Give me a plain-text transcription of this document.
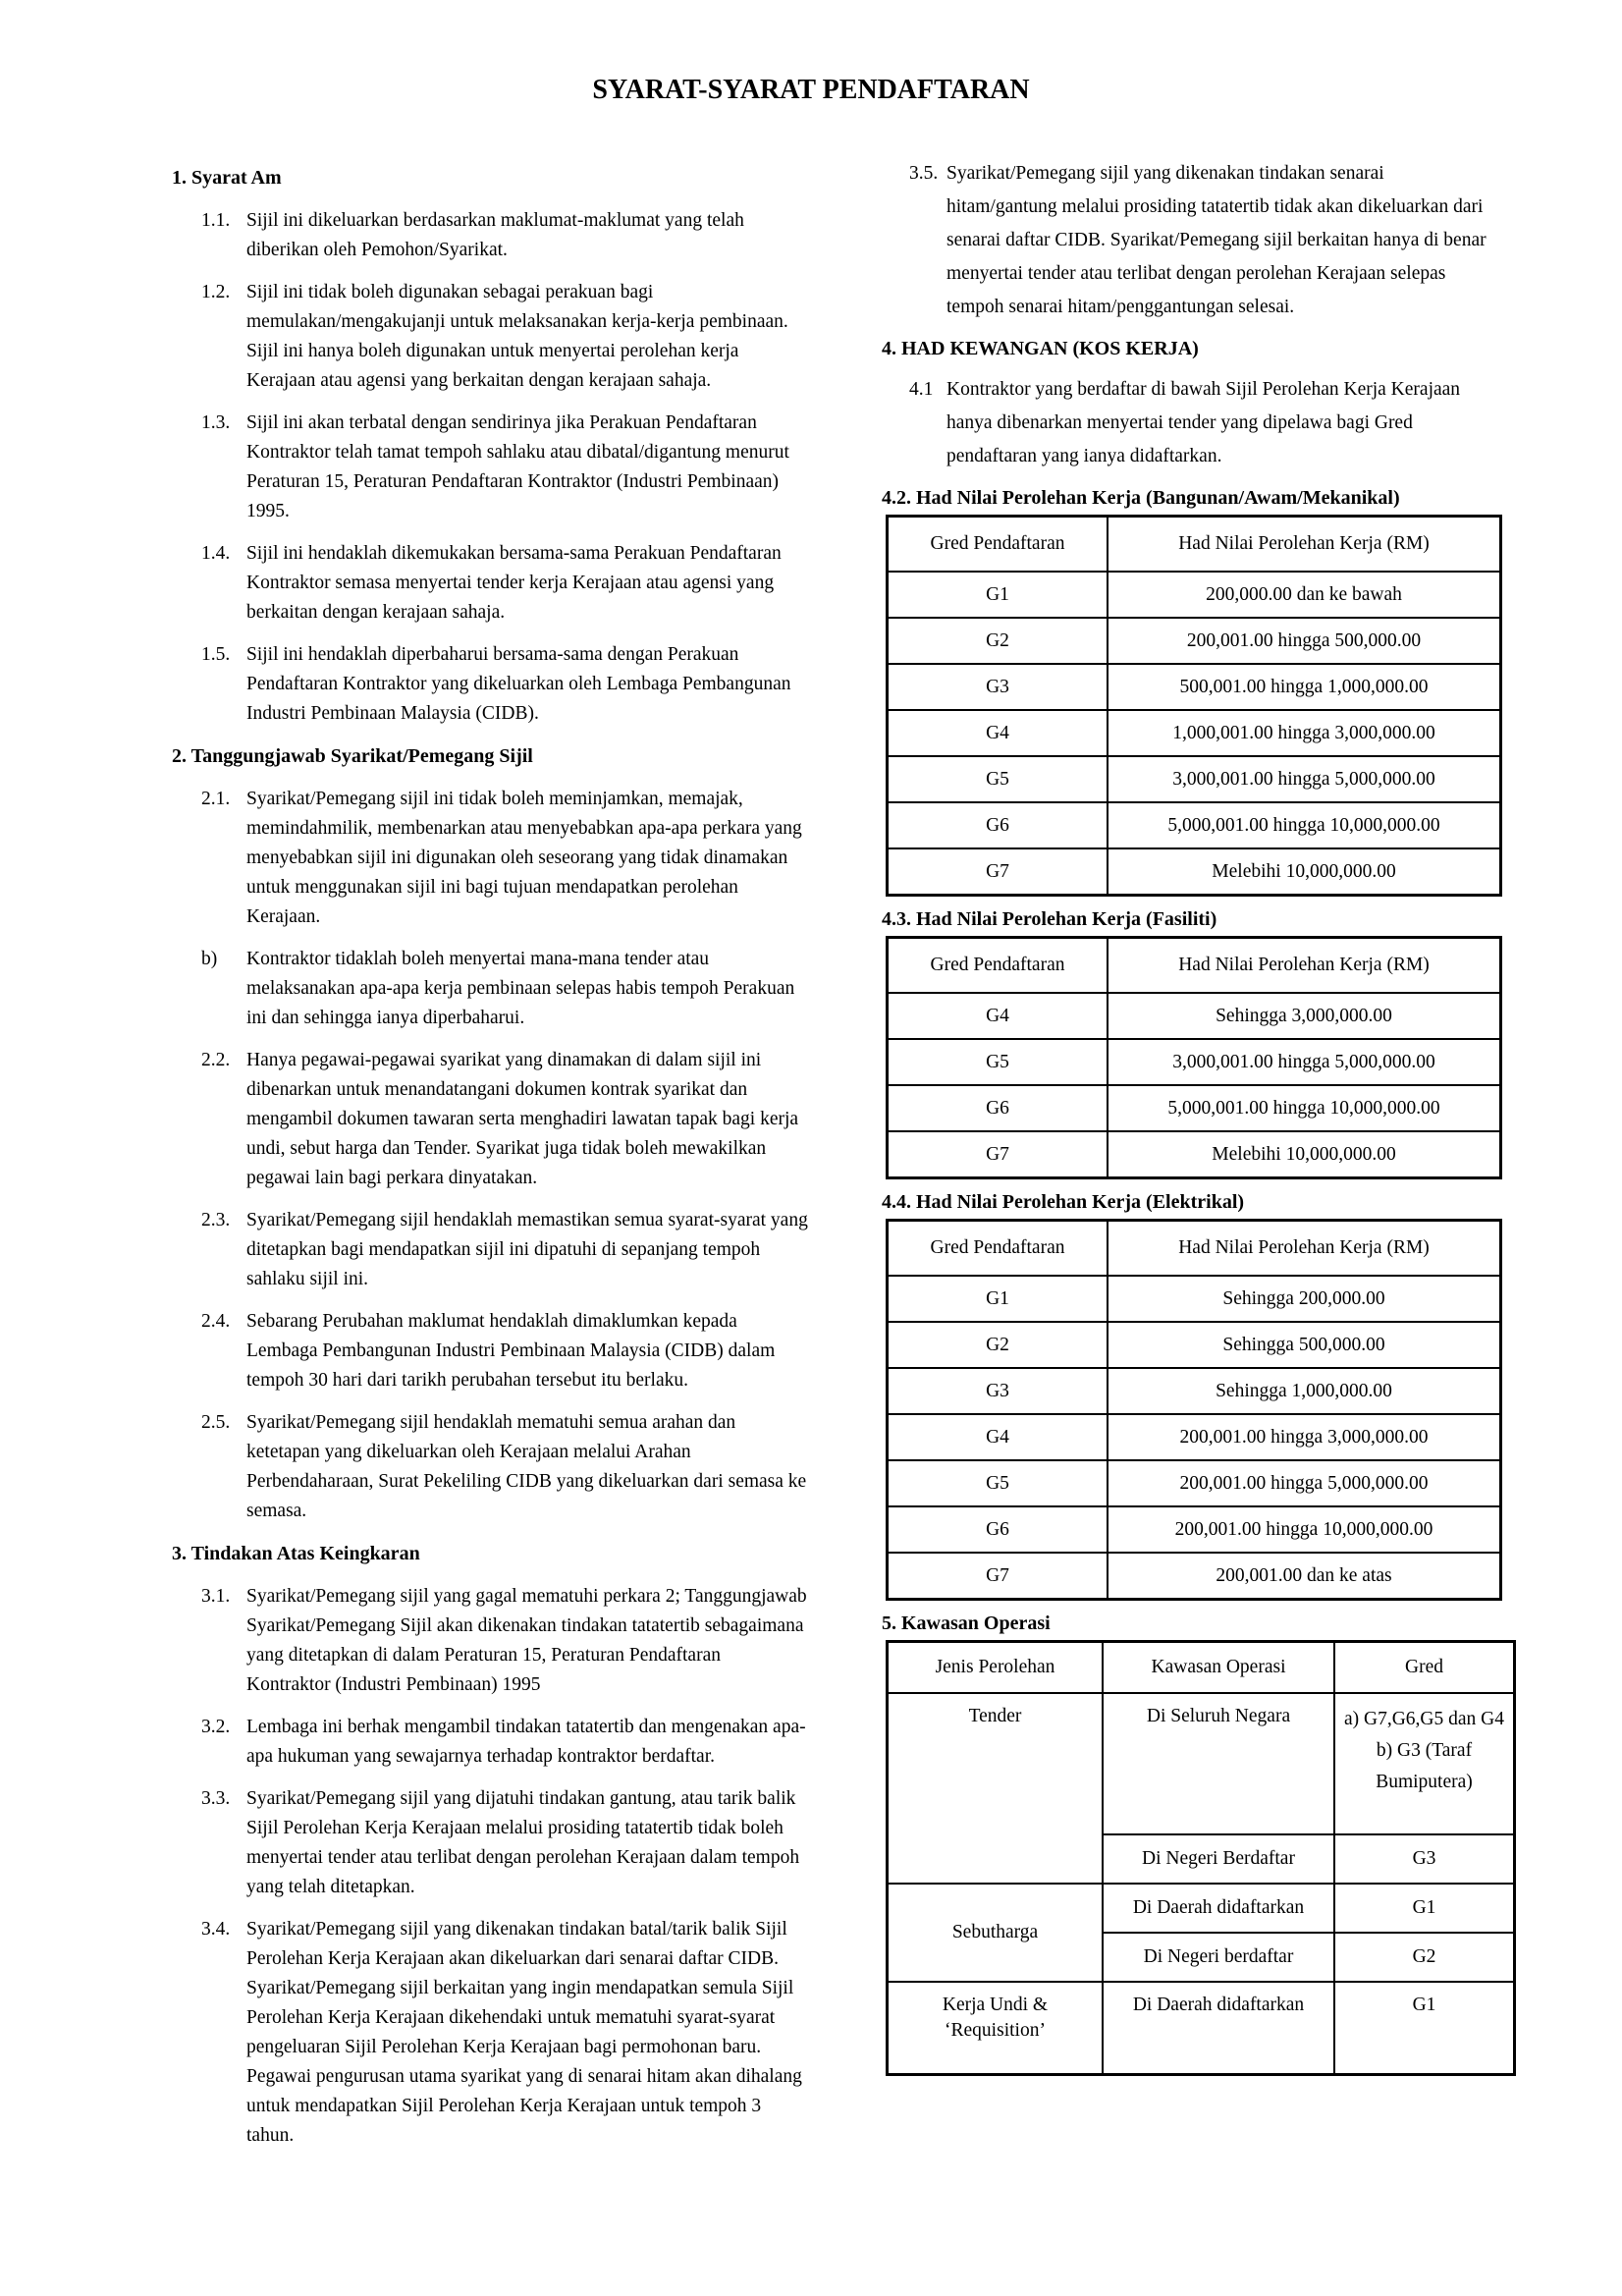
SYARAT-SYARAT PENDAFTARAN
1. Syarat Am
1.1. Sijil ini dikeluarkan berdasarkan maklumat-maklumat yang telah diberikan oleh Pemohon/Syarikat.
1.2. Sijil ini tidak boleh digunakan sebagai perakuan bagi memulakan/mengakujanji untuk melaksanakan kerja-kerja pembinaan. Sijil ini hanya boleh digunakan untuk menyertai perolehan kerja Kerajaan atau agensi yang berkaitan dengan kerajaan sahaja.
1.3. Sijil ini akan terbatal dengan sendirinya jika Perakuan Pendaftaran Kontraktor telah tamat tempoh sahlaku atau dibatal/digantung menurut Peraturan 15, Peraturan Pendaftaran Kontraktor (Industri Pembinaan) 1995.
1.4. Sijil ini hendaklah dikemukakan bersama-sama Perakuan Pendaftaran Kontraktor semasa menyertai tender kerja Kerajaan atau agensi yang berkaitan dengan kerajaan sahaja.
1.5. Sijil ini hendaklah diperbaharui bersama-sama dengan Perakuan Pendaftaran Kontraktor yang dikeluarkan oleh Lembaga Pembangunan Industri Pembinaan Malaysia (CIDB).
2. Tanggungjawab Syarikat/Pemegang Sijil
2.1. Syarikat/Pemegang sijil ini tidak boleh meminjamkan, memajak, memindahmilik, membenarkan atau menyebabkan apa-apa perkara yang menyebabkan sijil ini digunakan oleh seseorang yang tidak dinamakan untuk menggunakan sijil ini bagi tujuan mendapatkan perolehan Kerajaan.
b)	Kontraktor tidaklah boleh menyertai mana-mana tender atau melaksanakan apa-apa kerja pembinaan selepas habis tempoh Perakuan ini dan sehingga ianya diperbaharui.
2.2. Hanya pegawai-pegawai syarikat yang dinamakan di dalam sijil ini dibenarkan untuk menandatangani dokumen kontrak syarikat dan mengambil dokumen tawaran serta menghadiri lawatan tapak bagi kerja undi, sebut harga dan Tender. Syarikat juga tidak boleh mewakilkan pegawai lain bagi perkara dinyatakan.
2.3. Syarikat/Pemegang sijil hendaklah memastikan semua syarat-syarat yang ditetapkan bagi mendapatkan sijil ini dipatuhi di sepanjang tempoh sahlaku sijil ini.
2.4. Sebarang Perubahan maklumat hendaklah dimaklumkan kepada Lembaga Pembangunan Industri Pembinaan Malaysia (CIDB) dalam tempoh 30 hari dari tarikh perubahan tersebut itu berlaku.
2.5. Syarikat/Pemegang sijil hendaklah mematuhi semua arahan dan ketetapan yang dikeluarkan oleh Kerajaan melalui Arahan Perbendaharaan, Surat Pekeliling CIDB yang dikeluarkan dari semasa ke semasa.
3. Tindakan Atas Keingkaran
3.1. Syarikat/Pemegang sijil yang gagal mematuhi perkara 2; Tanggungjawab Syarikat/Pemegang Sijil akan dikenakan tindakan tatatertib sebagaimana yang ditetapkan di dalam Peraturan 15, Peraturan Pendaftaran Kontraktor (Industri Pembinaan) 1995
3.2. Lembaga ini berhak mengambil tindakan tatatertib dan mengenakan apa-apa hukuman yang sewajarnya terhadap kontraktor berdaftar.
3.3. Syarikat/Pemegang sijil yang dijatuhi tindakan gantung, atau tarik balik Sijil Perolehan Kerja Kerajaan melalui prosiding tatatertib tidak boleh menyertai tender atau terlibat dengan perolehan Kerajaan dalam tempoh yang telah ditetapkan.
3.4. Syarikat/Pemegang sijil yang dikenakan tindakan batal/tarik balik Sijil Perolehan Kerja Kerajaan akan dikeluarkan dari senarai daftar CIDB. Syarikat/Pemegang sijil berkaitan yang ingin mendapatkan semula Sijil Perolehan Kerja Kerajaan dikehendaki untuk mematuhi syarat-syarat pengeluaran Sijil Perolehan Kerja Kerajaan bagi permohonan baru. Pegawai pengurusan utama syarikat yang di senarai hitam akan dihalang untuk mendapatkan Sijil Perolehan Kerja Kerajaan untuk tempoh 3 tahun.
3.5. Syarikat/Pemegang sijil yang dikenakan tindakan senarai hitam/gantung melalui prosiding tatatertib tidak akan dikeluarkan dari senarai daftar CIDB. Syarikat/Pemegang sijil berkaitan hanya di benar menyertai tender atau terlibat dengan perolehan Kerajaan selepas tempoh senarai hitam/penggantungan selesai.
4. HAD KEWANGAN (KOS KERJA)
4.1 Kontraktor yang berdaftar di bawah Sijil Perolehan Kerja Kerajaan hanya dibenarkan menyertai tender yang dipelawa bagi Gred pendaftaran yang ianya didaftarkan.
4.2. Had Nilai Perolehan Kerja (Bangunan/Awam/Mekanikal)
Gred Pendaftaran	Had Nilai Perolehan Kerja (RM)
G1	200,000.00 dan ke bawah
G2	200,001.00 hingga 500,000.00
G3	500,001.00 hingga 1,000,000.00
G4	1,000,001.00 hingga 3,000,000.00
G5	3,000,001.00 hingga 5,000,000.00
G6	5,000,001.00 hingga 10,000,000.00
G7	Melebihi 10,000,000.00
4.3. Had Nilai Perolehan Kerja (Fasiliti)
Gred Pendaftaran	Had Nilai Perolehan Kerja (RM)
G4	Sehingga 3,000,000.00
G5	3,000,001.00 hingga 5,000,000.00
G6	5,000,001.00 hingga 10,000,000.00
G7	Melebihi 10,000,000.00
4.4. Had Nilai Perolehan Kerja (Elektrikal)
Gred Pendaftaran	Had Nilai Perolehan Kerja (RM)
G1	Sehingga 200,000.00
G2	Sehingga 500,000.00
G3	Sehingga 1,000,000.00
G4	200,001.00 hingga 3,000,000.00
G5	200,001.00 hingga 5,000,000.00
G6	200,001.00 hingga 10,000,000.00
G7	200,001.00 dan ke atas
5. Kawasan Operasi
Jenis Perolehan	Kawasan Operasi	Gred
Tender	Di Seluruh Negara	a) G7,G6,G5 dan G4
b) G3 (Taraf Bumiputera)

	Di Negeri Berdaftar	G3
Sebutharga	Di Daerah didaftarkan	G1
	Di Negeri berdaftar	G2
Kerja Undi & ‘Requisition’	Di Daerah didaftarkan	G1
